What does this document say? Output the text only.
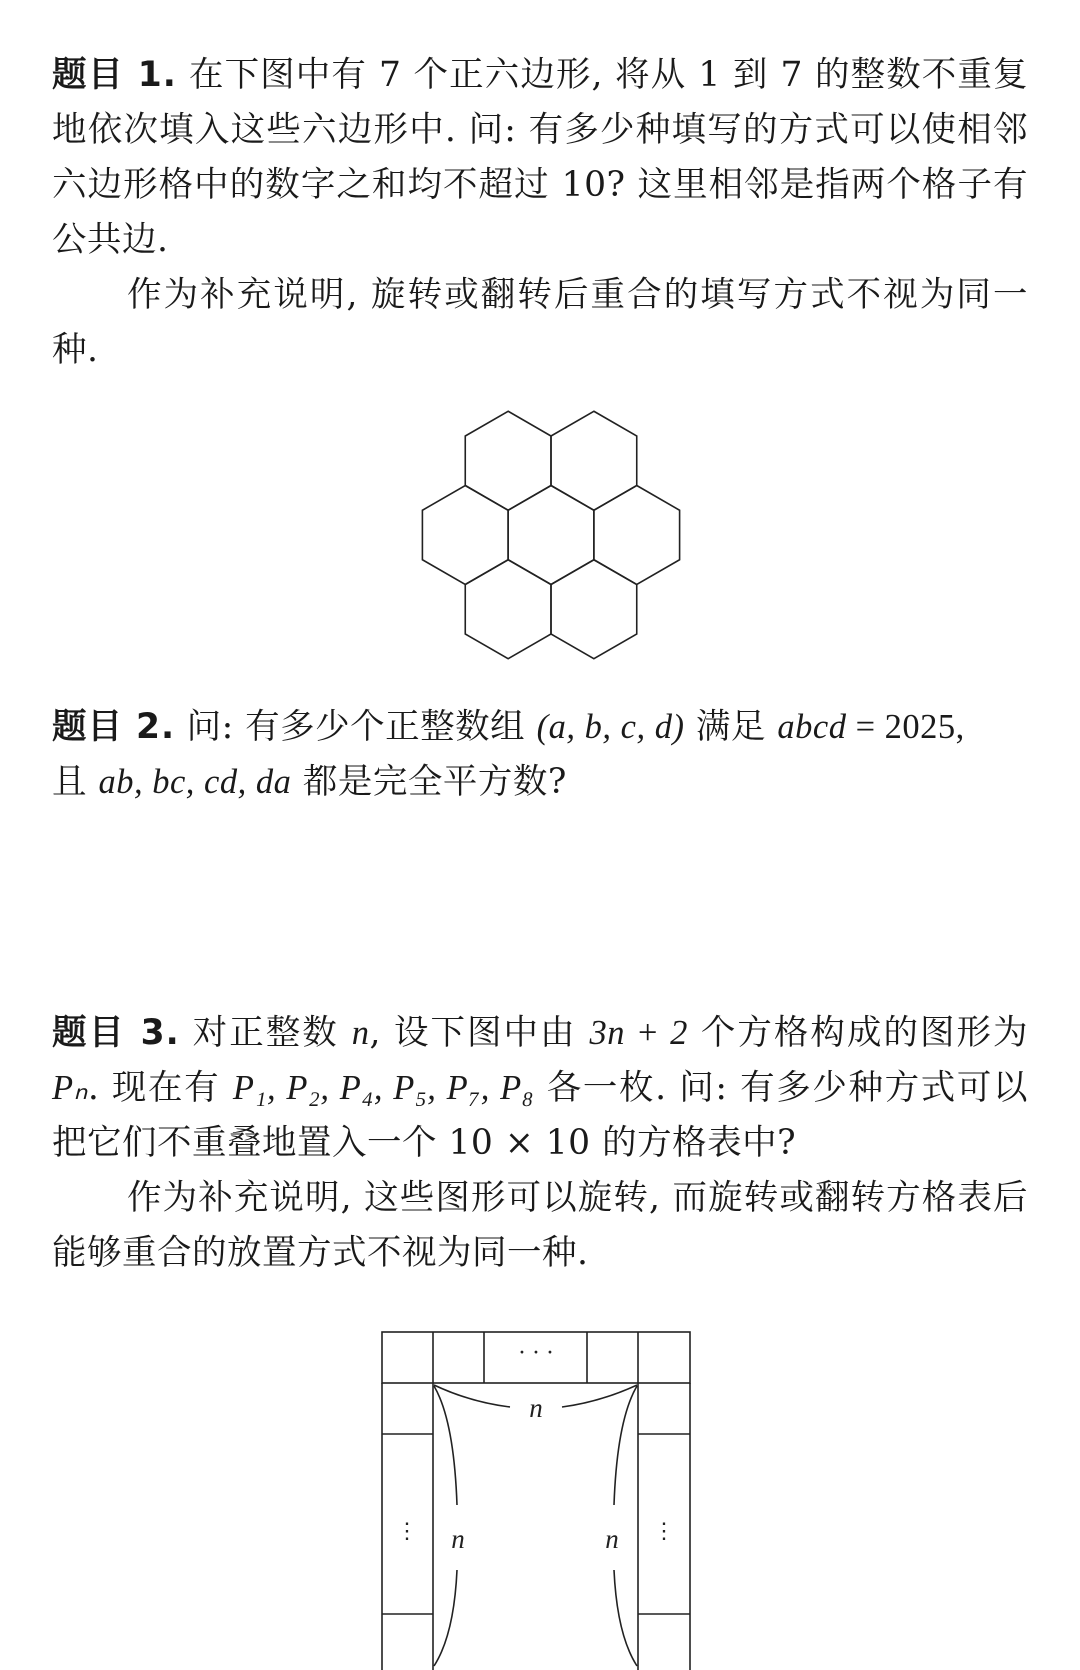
题目 1. 在下图中有 7 个正六边形, 将从 1 到 7 的整数不重复地依次填入这些六边形中. 问: 有多少种填写的方式可以使相邻六边形格中的数字之和均不超过 10? 这里相邻是指两个格子有公共边.

作为补充说明, 旋转或翻转后重合的填写方式不视为同一种.

题目 2. 问: 有多少个正整数组 (a, b, c, d) 满足 abcd = 2025,
且 ab, bc, cd, da 都是完全平方数?

题目 3. 对正整数 n, 设下图中由 3n + 2 个方格构成的图形为 Pₙ. 现在有 P₁, P₂, P₄, P₅, P₇, P₈ 各一枚. 问: 有多少种方式可以把它们不重叠地置入一个 10 × 10 的方格表中?

作为补充说明, 这些图形可以旋转, 而旋转或翻转方格表后能够重合的放置方式不视为同一种.

· · ·
⋮	⋮
n
n	n
